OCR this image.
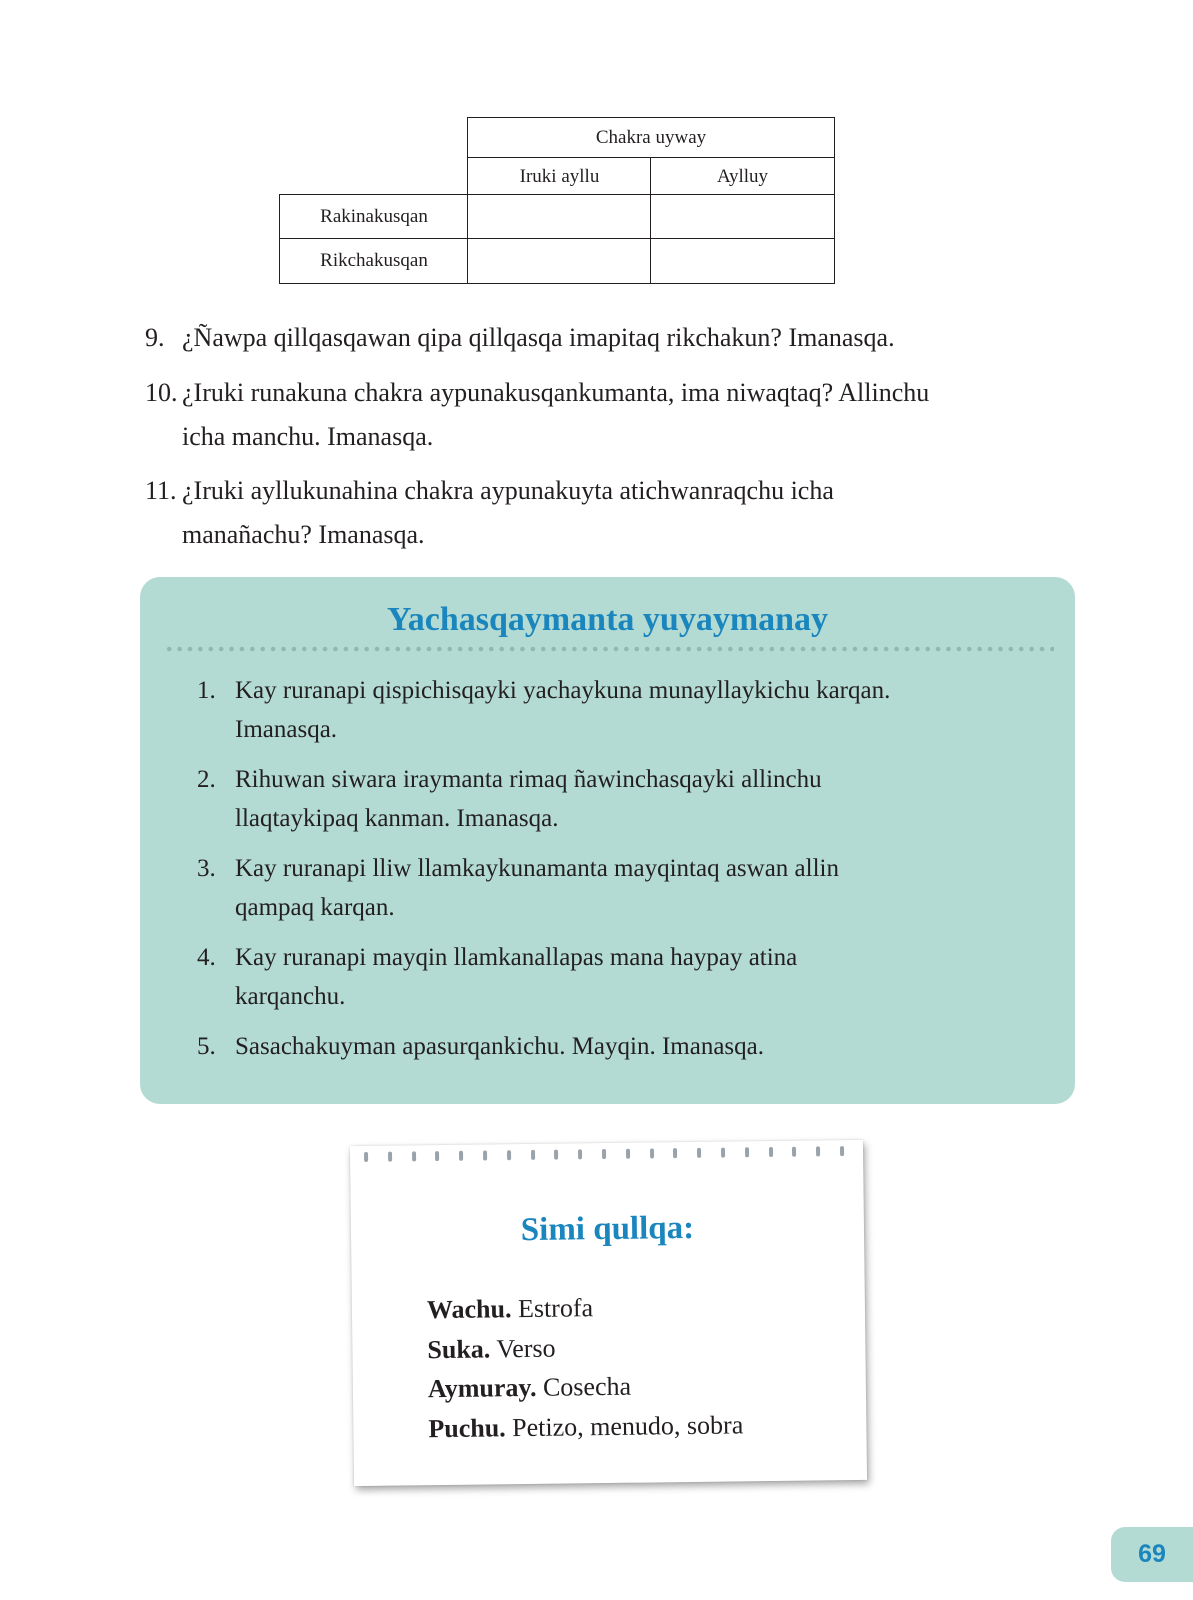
Chakra uyway
Iruki ayllu	Aylluy
Rakinakusqan
Rikchakusqan
9. ¿Ñawpa qillqasqawan qipa qillqasqa imapitaq rikchakun? Imanasqa.
10. ¿Iruki runakuna chakra aypunakusqankumanta, ima niwaqtaq? Allinchu
icha manchu. Imanasqa.
11. ¿Iruki ayllukunahina chakra aypunakuyta atichwanraqchu icha
manañachu? Imanasqa.
Yachasqaymanta yuyaymanay
1. Kay ruranapi qispichisqayki yachaykuna munayllaykichu karqan.
Imanasqa.
2. Rihuwan siwara iraymanta rimaq ñawinchasqayki allinchu
llaqtaykipaq kanman. Imanasqa.
3. Kay ruranapi lliw llamkaykunamanta mayqintaq aswan allin
qampaq karqan.
4. Kay ruranapi mayqin llamkanallapas mana haypay atina
karqanchu.
5. Sasachakuyman apasurqankichu. Mayqin. Imanasqa.
Simi qullqa:
Wachu. Estrofa
Suka. Verso
Aymuray. Cosecha
Puchu. Petizo, menudo, sobra
69
